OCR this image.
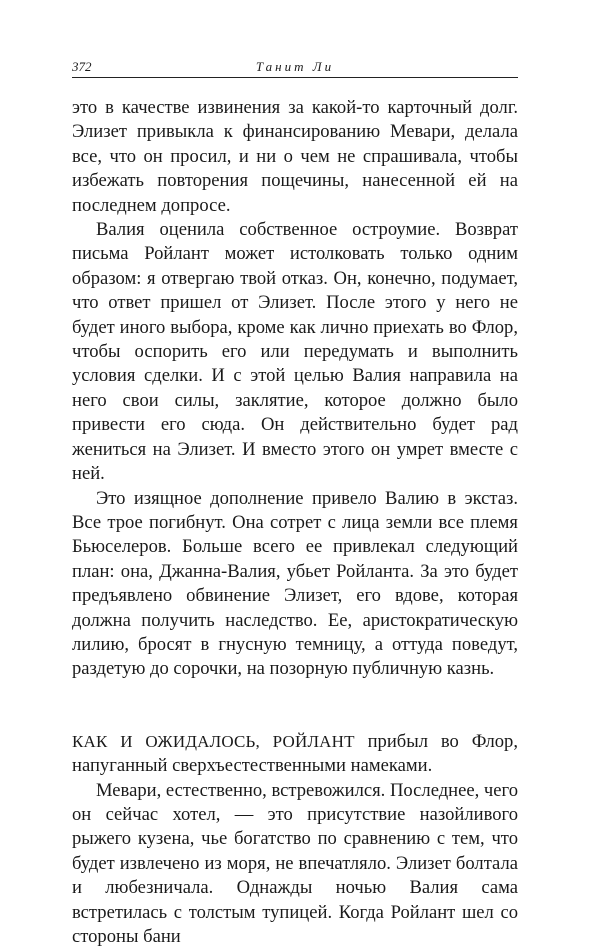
372	Танит Ли

это в качестве извинения за какой-то карточный долг. Элизет привыкла к финансированию Мевари, делала все, что он просил, и ни о чем не спрашивала, чтобы избежать повторения пощечины, нанесенной ей на последнем допросе.

Валия оценила собственное остроумие. Возврат письма Ройлант может истолковать только одним образом: я отвергаю твой отказ. Он, конечно, подумает, что ответ пришел от Элизет. После этого у него не будет иного выбора, кроме как лично приехать во Флор, чтобы оспорить его или передумать и выполнить условия сделки. И с этой целью Валия направила на него свои силы, заклятие, которое должно было привести его сюда. Он действительно будет рад жениться на Элизет. И вместо этого он умрет вместе с ней.

Это изящное дополнение привело Валию в экстаз. Все трое погибнут. Она сотрет с лица земли все племя Бьюселеров. Больше всего ее привлекал следующий план: она, Джанна-Валия, убьет Ройланта. За это будет предъявлено обвинение Элизет, его вдове, которая должна получить наследство. Ее, аристократическую лилию, бросят в гнусную темницу, а оттуда поведут, раздетую до сорочки, на позорную публичную казнь.

КАК И ОЖИДАЛОСЬ, РОЙЛАНТ прибыл во Флор, напуганный сверхъестественными намеками.

Мевари, естественно, встревожился. Последнее, чего он сейчас хотел, — это присутствие назойливого рыжего кузена, чье богатство по сравнению с тем, что будет извлечено из моря, не впечатляло. Элизет болтала и любезничала. Однажды ночью Валия сама встретилась с толстым тупицей. Когда Ройлант шел со стороны бани
